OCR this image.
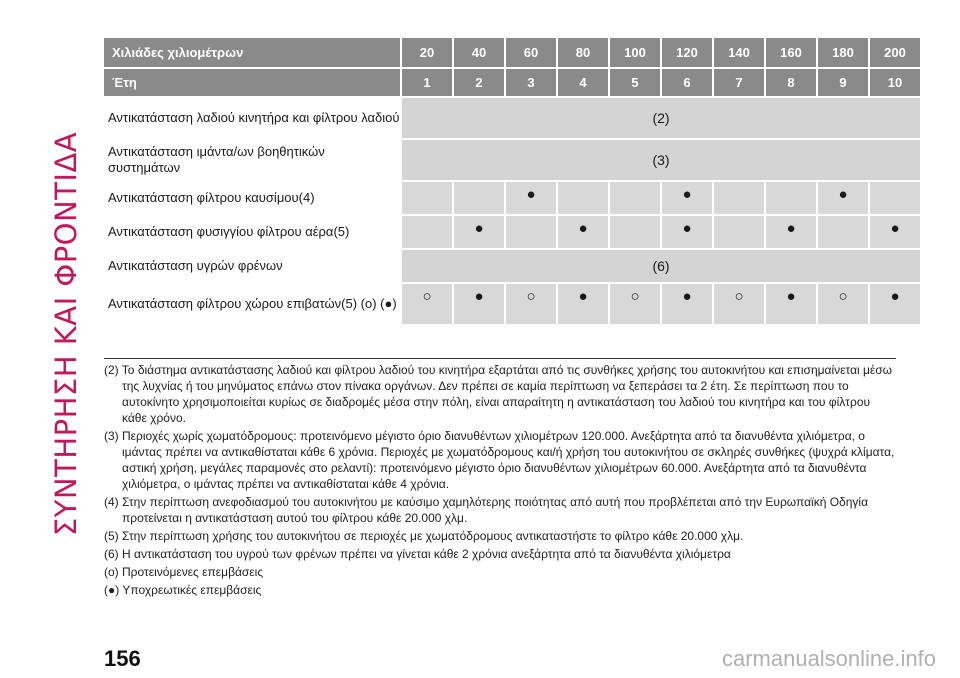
ΣΥΝΤΗΡΗΣΗ ΚΑΙ ΦΡΟΝΤΙΔΑ
Χιλιάδες χιλιομέτρων	20	40	60	80	100	120	140	160	180	200
Έτη	1	2	3	4	5	6	7	8	9	10
Αντικατάσταση λαδιού κινητήρα και φίλτρου λαδιού	(2)									
Αντικατάσταση ιμάντα/ων βοηθητικών συστημάτων	(3)									
Αντικατάσταση φίλτρου καυσίμου(4)			●			●			●	
Αντικατάσταση φυσιγγίου φίλτρου αέρα(5)		●		●		●		●		●
Αντικατάσταση υγρών φρένων	(6)									
Αντικατάσταση φίλτρου χώρου επιβατών(5) (o) (●)	○	●	○	●	○	●	○	●	○	●
(2) Το διάστημα αντικατάστασης λαδιού και φίλτρου λαδιού του κινητήρα εξαρτάται από τις συνθήκες χρήσης του αυτοκινήτου και επισημαίνεται μέσω της λυχνίας ή του μηνύματος επάνω στον πίνακα οργάνων. Δεν πρέπει σε καμία περίπτωση να ξεπεράσει τα 2 έτη. Σε περίπτωση που το αυτοκίνητο χρησιμοποιείται κυρίως σε διαδρομές μέσα στην πόλη, είναι απαραίτητη η αντικατάσταση του λαδιού του κινητήρα και του φίλτρου κάθε χρόνο.
(3) Περιοχές χωρίς χωματόδρομους: προτεινόμενο μέγιστο όριο διανυθέντων χιλιομέτρων 120.000. Ανεξάρτητα από τα διανυθέντα χιλιόμετρα, ο ιμάντας πρέπει να αντικαθίσταται κάθε 6 χρόνια. Περιοχές με χωματόδρομους και/ή χρήση του αυτοκινήτου σε σκληρές συνθήκες (ψυχρά κλίματα, αστική χρήση, μεγάλες παραμονές στο ρελαντί): προτεινόμενο μέγιστο όριο διανυθέντων χιλιομέτρων 60.000. Ανεξάρτητα από τα διανυθέντα χιλιόμετρα, ο ιμάντας πρέπει να αντικαθίσταται κάθε 4 χρόνια.
(4) Στην περίπτωση ανεφοδιασμού του αυτοκινήτου με καύσιμο χαμηλότερης ποιότητας από αυτή που προβλέπεται από την Ευρωπαϊκή Οδηγία προτείνεται η αντικατάσταση αυτού του φίλτρου κάθε 20.000 χλμ.
(5) Στην περίπτωση χρήσης του αυτοκινήτου σε περιοχές με χωματόδρομους αντικαταστήστε το φίλτρο κάθε 20.000 χλμ.
(6) Η αντικατάσταση του υγρού των φρένων πρέπει να γίνεται κάθε 2 χρόνια ανεξάρτητα από τα διανυθέντα χιλιόμετρα
(o) Προτεινόμενες επεμβάσεις
(●) Υποχρεωτικές επεμβάσεις
156	carmanualsonline.info
